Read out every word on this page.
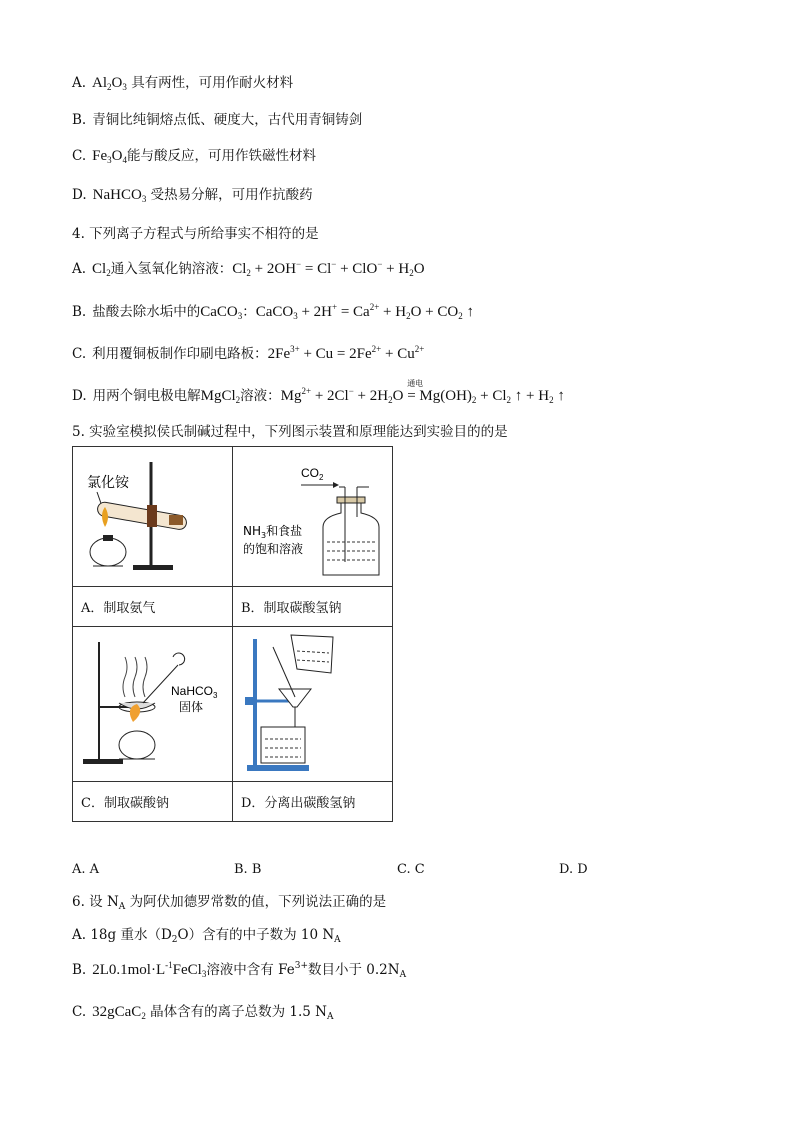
A. $Al_2O_3$ 具有两性，可用作耐火材料
B. 青铜比纯铜熔点低、硬度大，古代用青铜铸剑
C. $Fe_3O_4$能与酸反应，可用作铁磁性材料
D. NaHCO$_3$ 受热易分解，可用作抗酸药
4. 下列离子方程式与所给事实不相符的是
A. $Cl_2$通入氢氧化钠溶液：$Cl_2 + 2OH^- = Cl^- + ClO^- + H_2O$
B. 盐酸去除水垢中的CaCO$_3$：CaCO$_3$ + $2H^+ = Ca^{2+} + H_2O + CO_2$ ↑
C. 利用覆铜板制作印刷电路板：$2Fe^{3+} + Cu = 2Fe^{2+} + Cu^{2+}$
D. 用两个铜电极电解MgCl$_2$溶液：$Mg^{2+} + 2Cl^- + 2H_2O$
通电
= $Mg(OH)_2 + Cl_2$ ↑ + $H_2$ ↑
5. 实验室模拟侯氏制碱过程中，下列图示装置和原理能达到实验目的的是
氯化铵	$CO_2$
$NH_3$和食盐
的饱和溶液

A．制取氨气	B．制取碳酸氢钠

NaHCO$_3$
固体

C．制取碳酸钠	D．分离出碳酸氢钠
A. A	B. B	C. C	D. D
6. 设 $N_A$ 为阿伏加德罗常数的值，下列说法正确的是
A. 18g 重水$(D_2O)$含有的中子数为 10 $N_A$
B. $2L0.1mol\cdot L^{-1}FeCl_3$溶液中含有 $Fe^{3+}$数目小于 $0.2N_A$
C. 32gCaC$_2$ 晶体含有的离子总数为 1.5 $N_A$
